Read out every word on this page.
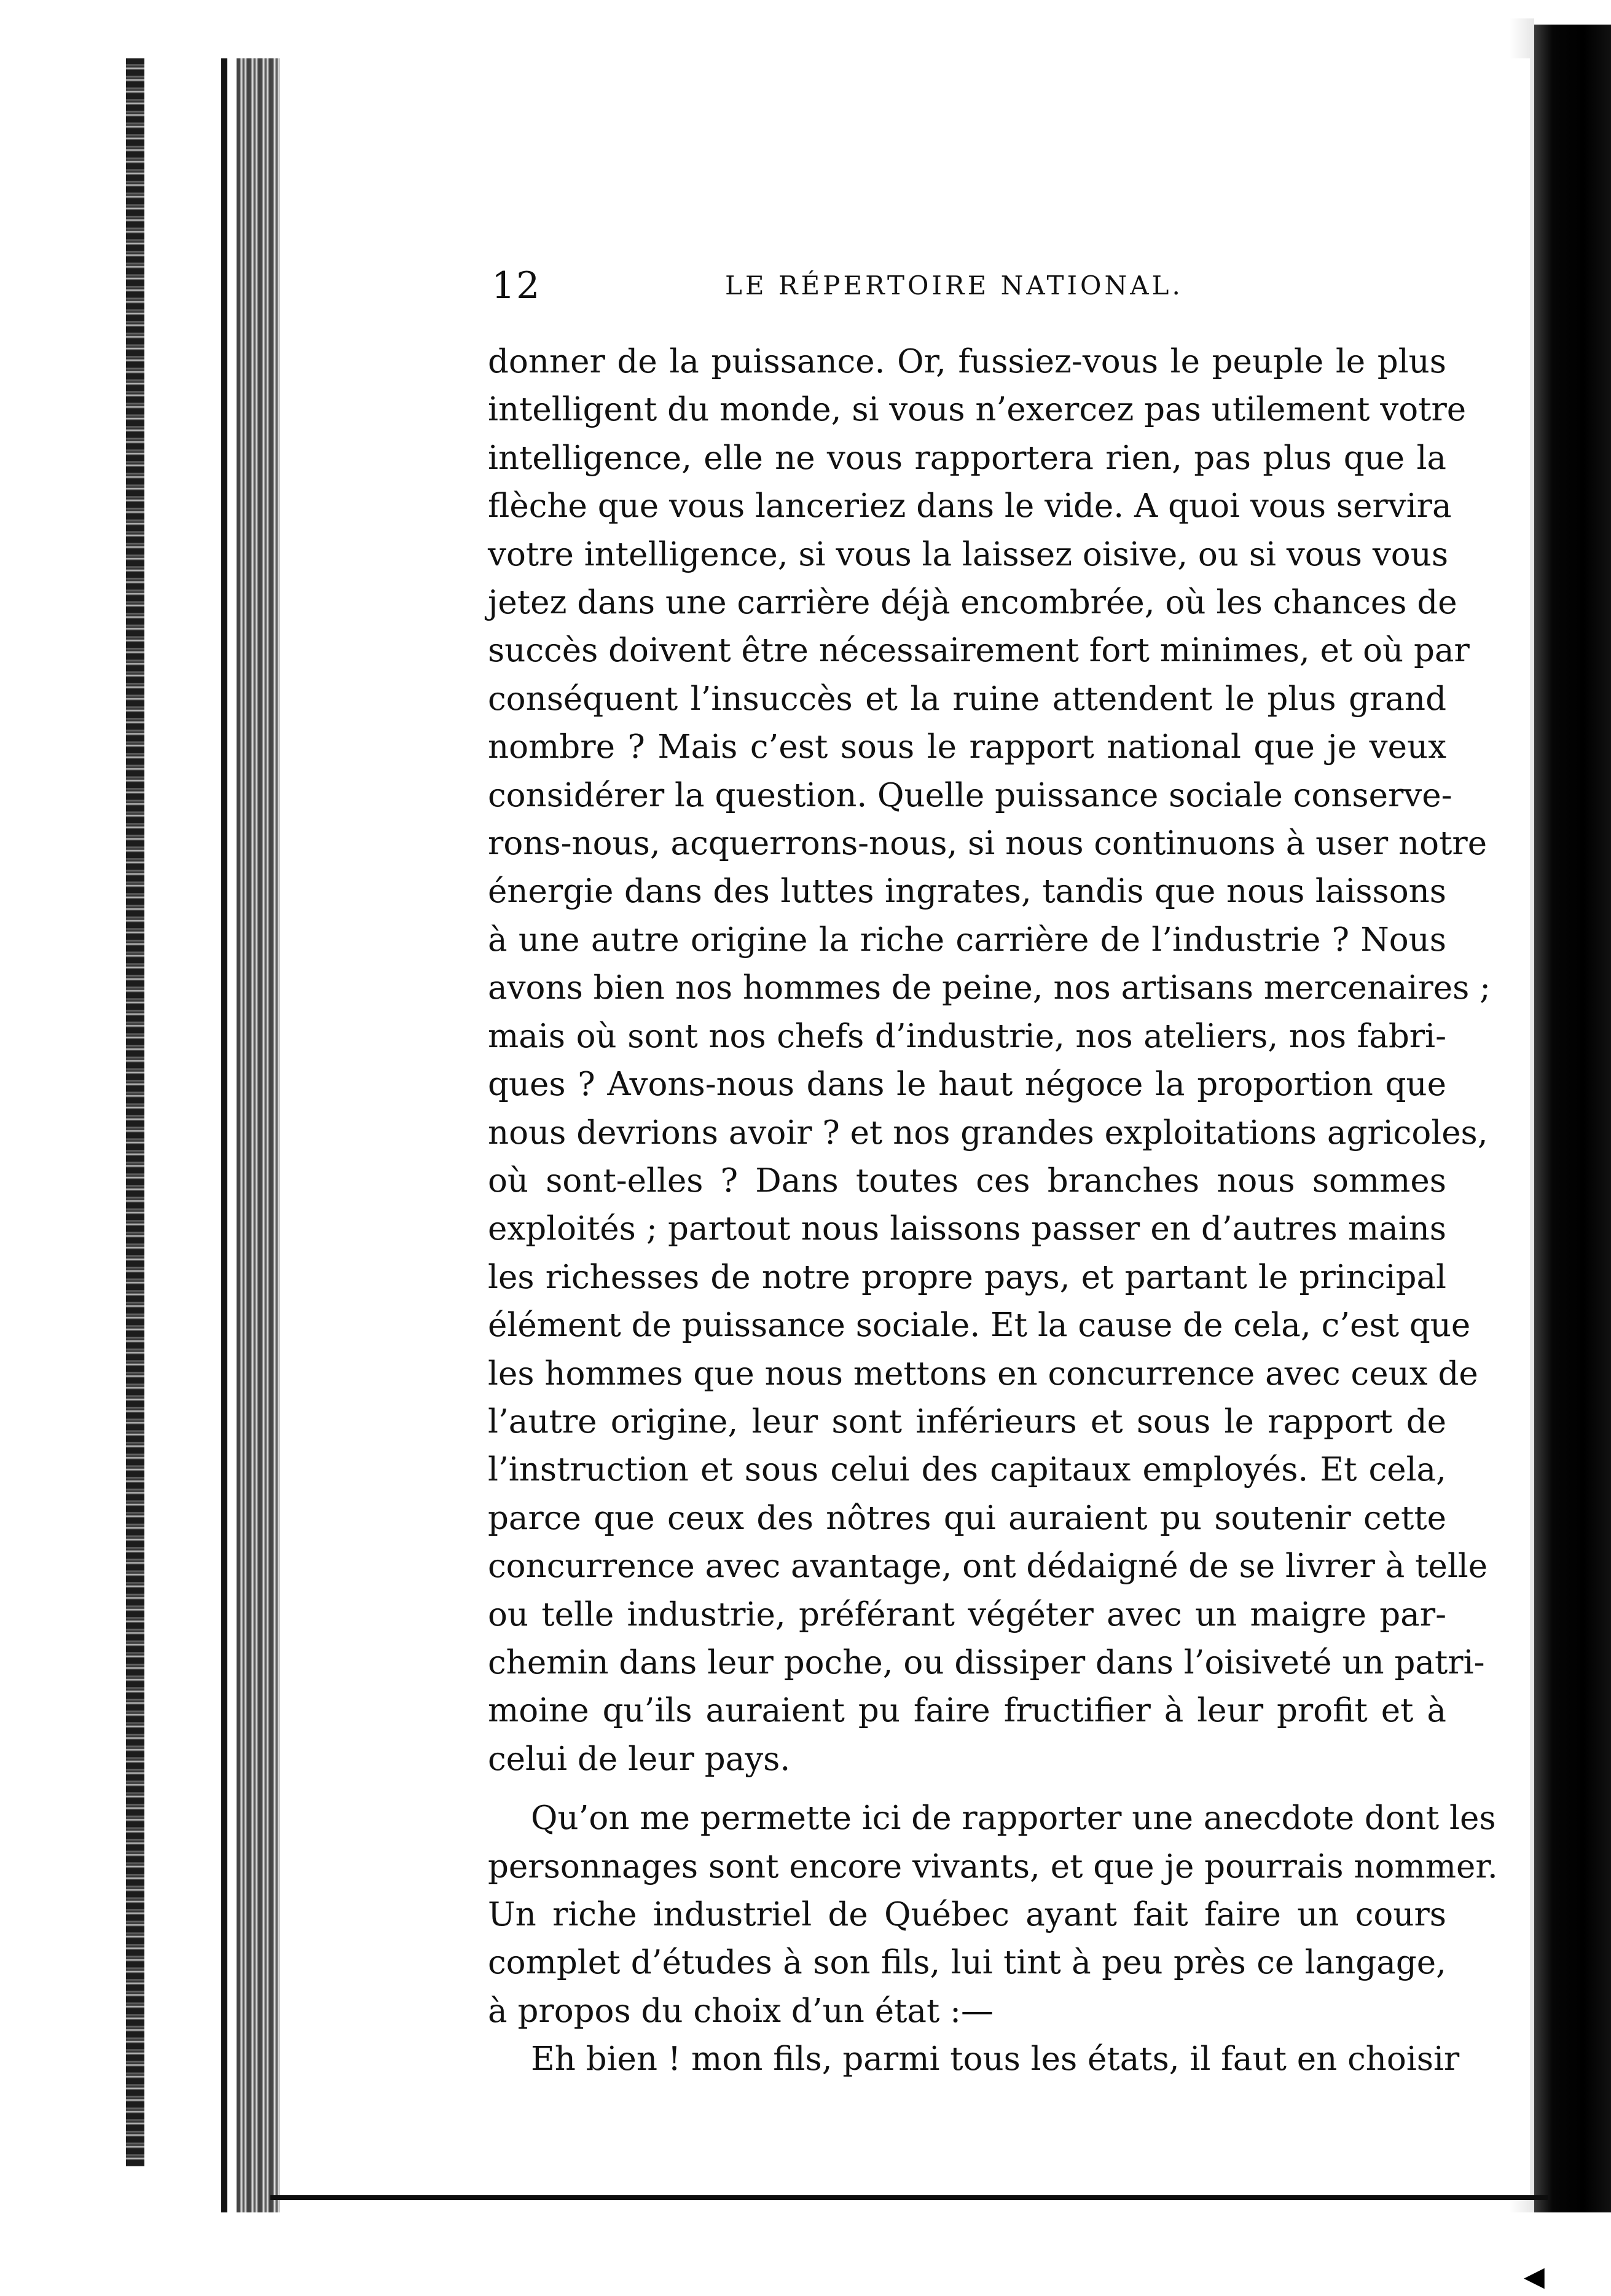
12	LE RÉPERTOIRE NATIONAL.
donner de la puissance. Or, fussiez-vous le peuple le plus
intelligent du monde, si vous n’exercez pas utilement votre
intelligence, elle ne vous rapportera rien, pas plus que la
flèche que vous lanceriez dans le vide. A quoi vous servira
votre intelligence, si vous la laissez oisive, ou si vous vous
jetez dans une carrière déjà encombrée, où les chances de
succès doivent être nécessairement fort minimes, et où par
conséquent l’insuccès et la ruine attendent le plus grand
nombre ? Mais c’est sous le rapport national que je veux
considérer la question. Quelle puissance sociale conserve-
rons-nous, acquerrons-nous, si nous continuons à user notre
énergie dans des luttes ingrates, tandis que nous laissons
à une autre origine la riche carrière de l’industrie ? Nous
avons bien nos hommes de peine, nos artisans mercenaires ;
mais où sont nos chefs d’industrie, nos ateliers, nos fabri-
ques ? Avons-nous dans le haut négoce la proportion que
nous devrions avoir ? et nos grandes exploitations agricoles,
où sont-elles ? Dans toutes ces branches nous sommes
exploités ; partout nous laissons passer en d’autres mains
les richesses de notre propre pays, et partant le principal
élément de puissance sociale. Et la cause de cela, c’est que
les hommes que nous mettons en concurrence avec ceux de
l’autre origine, leur sont inférieurs et sous le rapport de
l’instruction et sous celui des capitaux employés. Et cela,
parce que ceux des nôtres qui auraient pu soutenir cette
concurrence avec avantage, ont dédaigné de se livrer à telle
ou telle industrie, préférant végéter avec un maigre par-
chemin dans leur poche, ou dissiper dans l’oisiveté un patri-
moine qu’ils auraient pu faire fructifier à leur profit et à
celui de leur pays.
Qu’on me permette ici de rapporter une anecdote dont les
personnages sont encore vivants, et que je pourrais nommer.
Un riche industriel de Québec ayant fait faire un cours
complet d’études à son fils, lui tint à peu près ce langage,
à propos du choix d’un état :—
Eh bien ! mon fils, parmi tous les états, il faut en choisir
◀
